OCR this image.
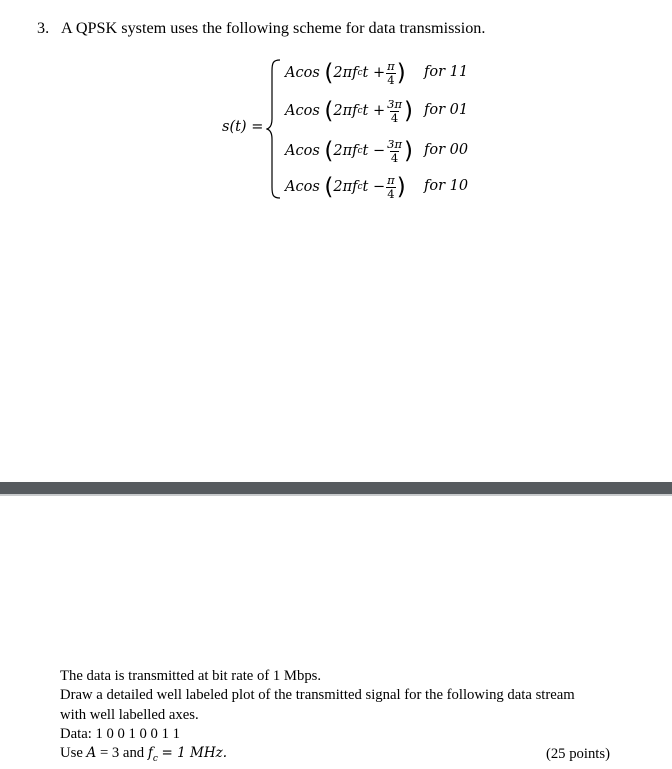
3. A QPSK system uses the following scheme for data transmission.
s(t) =
Acos
( 2πf c t
+ $\frac{\pi}{4}$ ) for 11
Acos
( 2πf c t
+ $\frac{3\pi}{4}$ ) for 01
Acos
( 2πf c t
− $\frac{3\pi}{4}$ ) for 00
Acos
( 2πf c t
− $\frac{\pi}{4}$ ) for 10
The data is transmitted at bit rate of 1 Mbps.
Draw a detailed well labeled plot of the transmitted signal for the following data stream
with well labelled axes.
Data: 1 0 0 1 0 0 1 1
Use A = 3 and $f_c = 1$ MHz.	(25 points)
